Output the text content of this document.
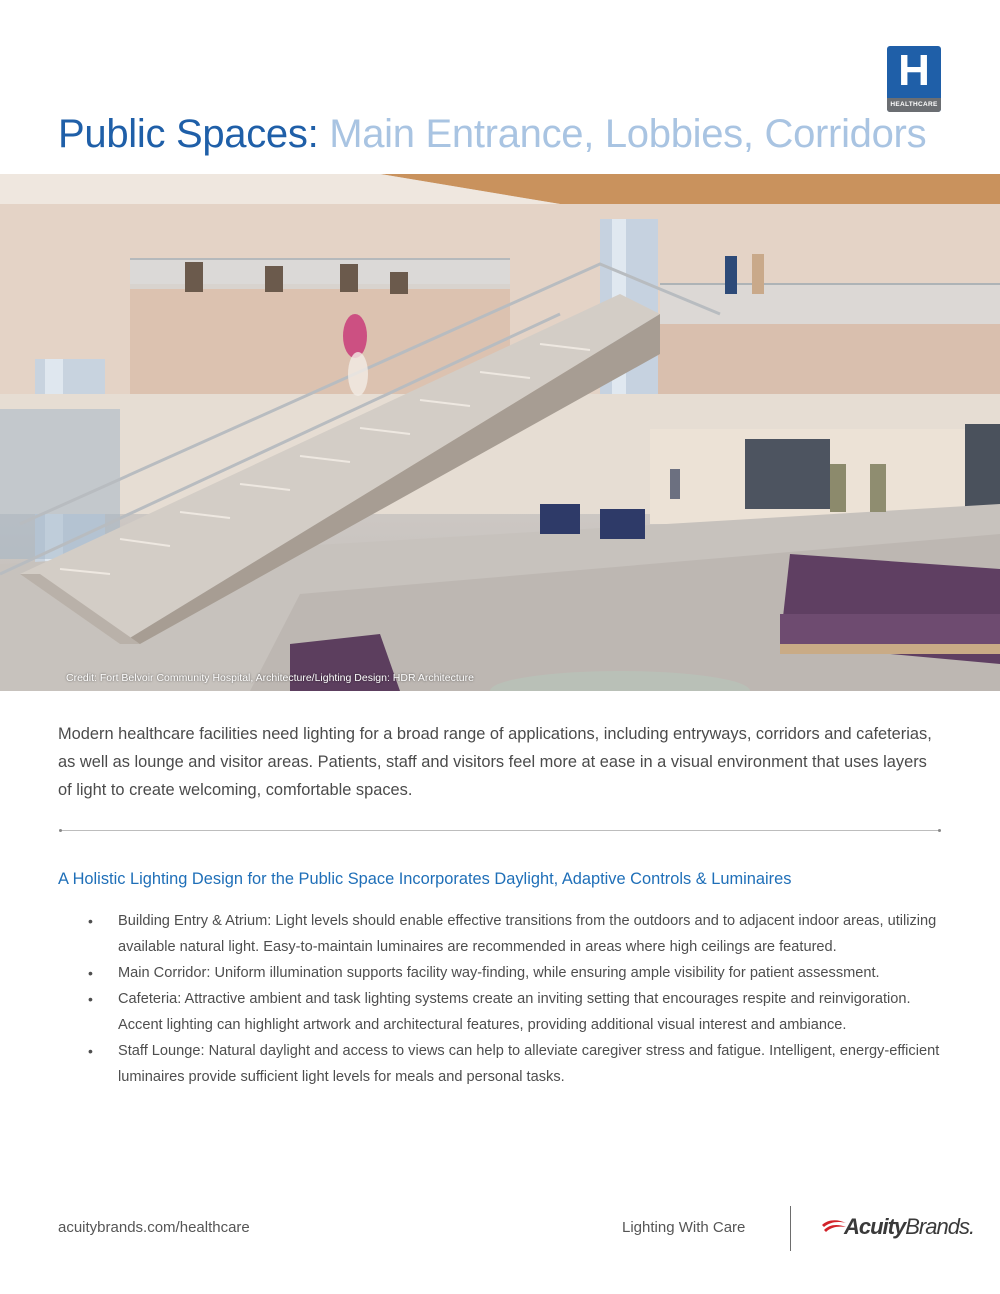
H
HEALTHCARE
Public Spaces: Main Entrance, Lobbies, Corridors
Credit: Fort Belvoir Community Hospital, Architecture/Lighting Design: HDR Architecture

Modern healthcare facilities need lighting for a broad range of applications, including entryways, corridors and cafeterias, as well as lounge and visitor areas. Patients, staff and visitors feel more at ease in a visual environment that uses layers of light to create welcoming, comfortable spaces.

A Holistic Lighting Design for the Public Space Incorporates Daylight, Adaptive Controls & Luminaires
• Building Entry & Atrium: Light levels should enable effective transitions from the outdoors and to adjacent indoor areas, utilizing available natural light. Easy-to-maintain luminaires are recommended in areas where high ceilings are featured.
• Main Corridor: Uniform illumination supports facility way-finding, while ensuring ample visibility for patient assessment.
• Cafeteria: Attractive ambient and task lighting systems create an inviting setting that encourages respite and reinvigoration. Accent lighting can highlight artwork and architectural features, providing additional visual interest and ambiance.
• Staff Lounge: Natural daylight and access to views can help to alleviate caregiver stress and fatigue. Intelligent, energy-efficient luminaires provide sufficient light levels for meals and personal tasks.
acuitybrands.com/healthcare	Lighting With Care	AcuityBrands.
